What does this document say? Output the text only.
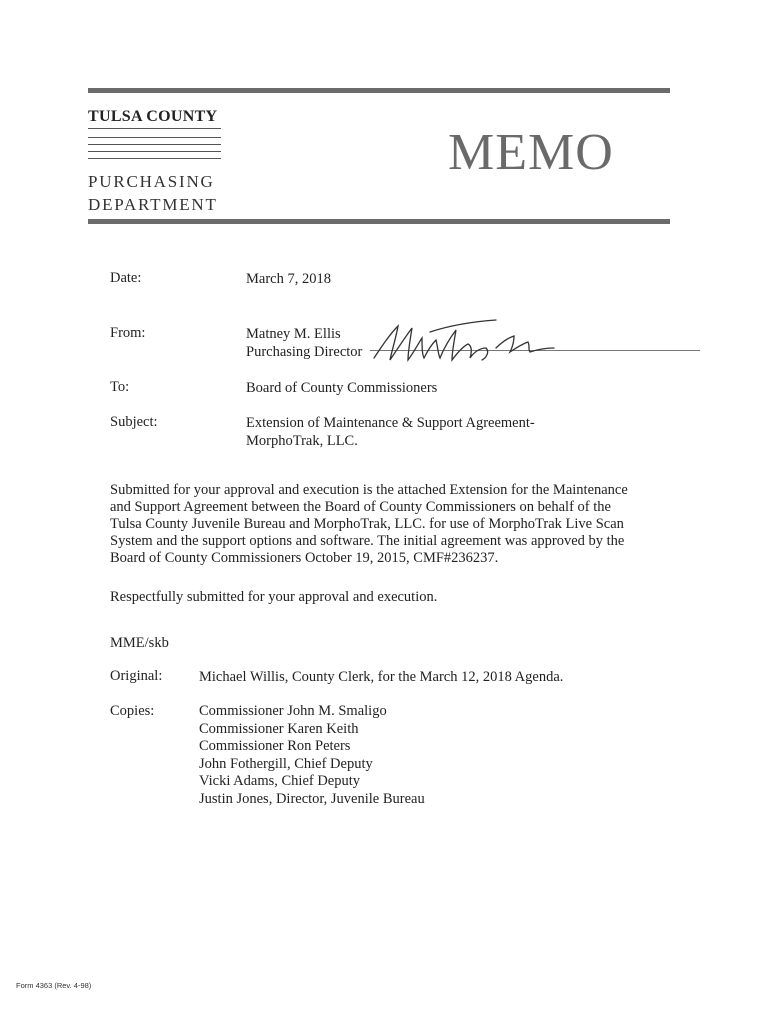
TULSA COUNTY
PURCHASING
DEPARTMENT
MEMO
Date:	March 7, 2018
From:	Matney M. Ellis
Purchasing Director
To:	Board of County Commissioners
Subject:	Extension of Maintenance & Support Agreement-
MorphoTrak, LLC.
Submitted for your approval and execution is the attached Extension for the Maintenance
and Support Agreement between the Board of County Commissioners on behalf of the
Tulsa County Juvenile Bureau and MorphoTrak, LLC. for use of MorphoTrak Live Scan
System and the support options and software. The initial agreement was approved by the
Board of County Commissioners October 19, 2015, CMF#236237.
Respectfully submitted for your approval and execution.
MME/skb
Original:	Michael Willis, County Clerk, for the March 12, 2018 Agenda.
Copies:	Commissioner John M. Smaligo
Commissioner Karen Keith
Commissioner Ron Peters
John Fothergill, Chief Deputy
Vicki Adams, Chief Deputy
Justin Jones, Director, Juvenile Bureau
Form 4363 (Rev. 4-98)
